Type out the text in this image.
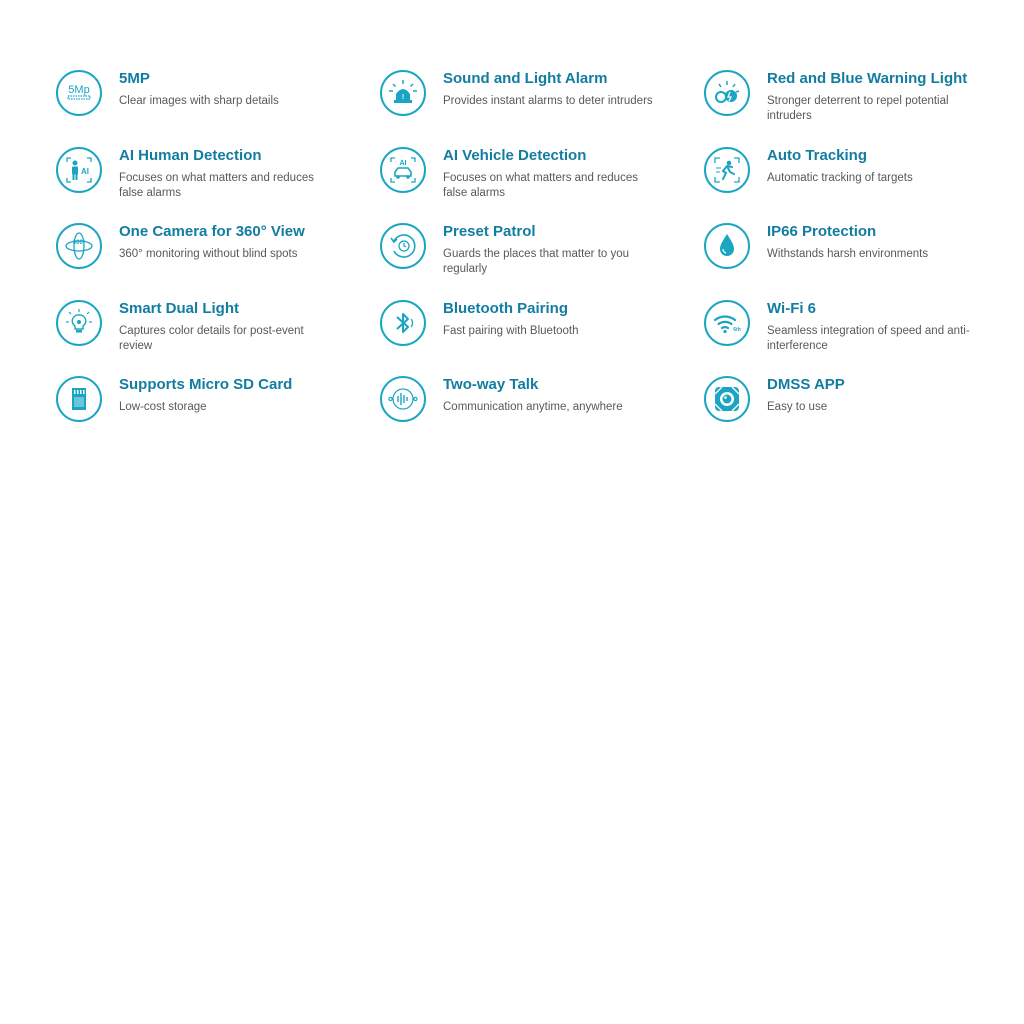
5Mp
5MP
Clear images with sharp details	!
Sound and Light Alarm
Provides instant alarms to deter intruders
Red and Blue Warning Light
Stronger deterrent to repel potential intruders
AI
AI Human Detection
Focuses on what matters and reduces false alarms
AI AI Vehicle Detection
Focuses on what matters and reduces false alarms
Auto Tracking
Automatic tracking of targets
360°
One Camera for 360° View
360° monitoring without blind spots
Preset Patrol
Guards the places that matter to you regularly
IP66 Protection
Withstands harsh environments
Smart Dual Light
Captures color details for post-event review
Bluetooth Pairing
Fast pairing with Bluetooth	6th
Wi-Fi 6
Seamless integration of speed and anti-interference
Supports Micro SD Card
Low-cost storage
Two-way Talk
Communication anytime, anywhere
DMSS APP
Easy to use
